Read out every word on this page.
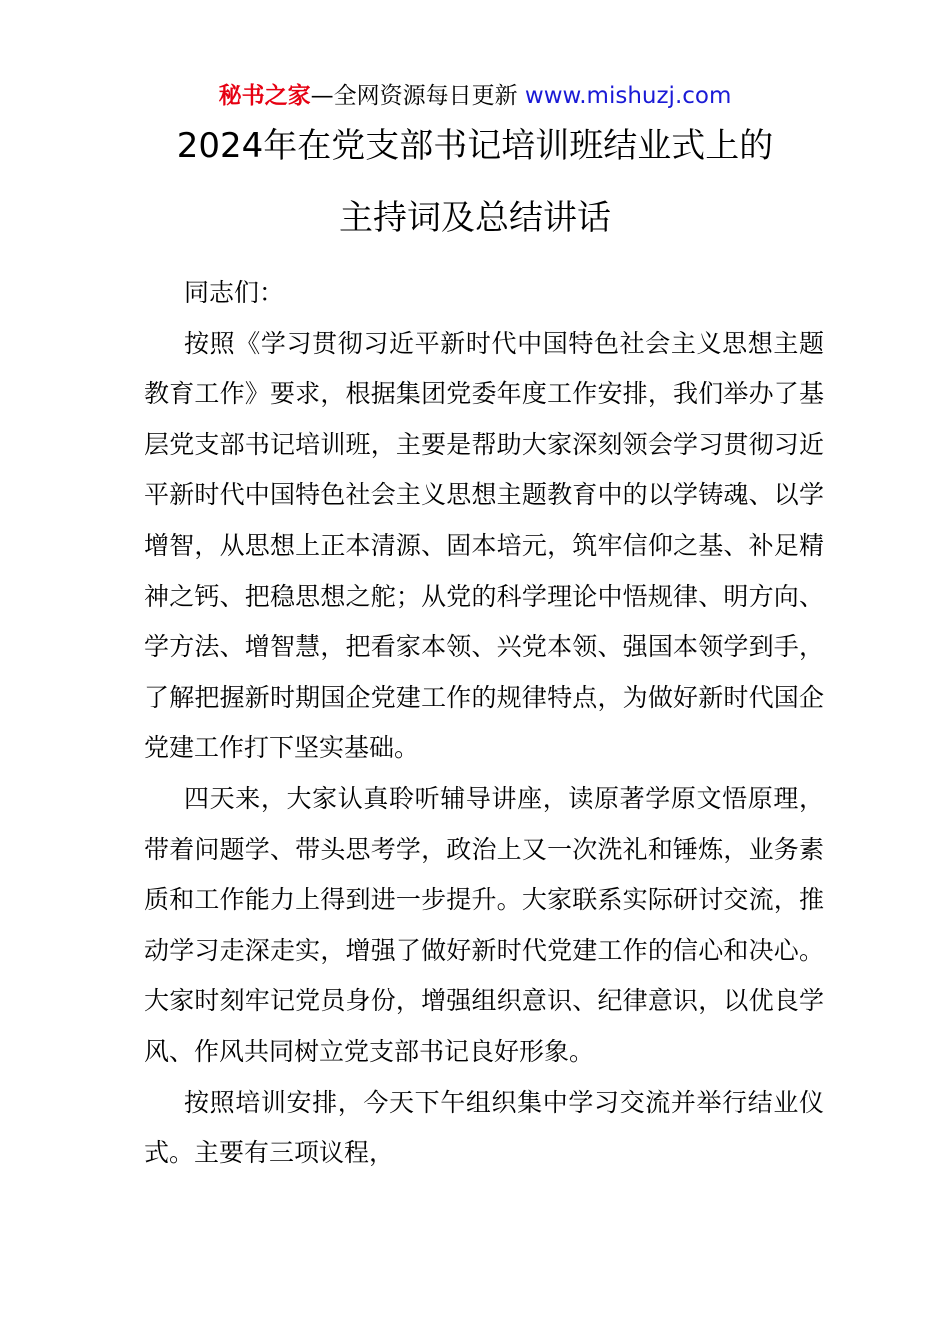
秘书之家—全网资源每日更新 www.mishuzj.com
2024年在党支部书记培训班结业式上的
主持词及总结讲话

同志们：

按照《学习贯彻习近平新时代中国特色社会主义思想主题教育工作》要求，根据集团党委年度工作安排，我们举办了基层党支部书记培训班，主要是帮助大家深刻领会学习贯彻习近平新时代中国特色社会主义思想主题教育中的以学铸魂、以学增智，从思想上正本清源、固本培元，筑牢信仰之基、补足精神之钙、把稳思想之舵；从党的科学理论中悟规律、明方向、学方法、增智慧，把看家本领、兴党本领、强国本领学到手，了解把握新时期国企党建工作的规律特点，为做好新时代国企党建工作打下坚实基础。

四天来，大家认真聆听辅导讲座，读原著学原文悟原理，带着问题学、带头思考学，政治上又一次洗礼和锤炼，业务素质和工作能力上得到进一步提升。大家联系实际研讨交流，推动学习走深走实，增强了做好新时代党建工作的信心和决心。大家时刻牢记党员身份，增强组织意识、纪律意识，以优良学风、作风共同树立党支部书记良好形象。

按照培训安排，今天下午组织集中学习交流并举行结业仪式。主要有三项议程，
